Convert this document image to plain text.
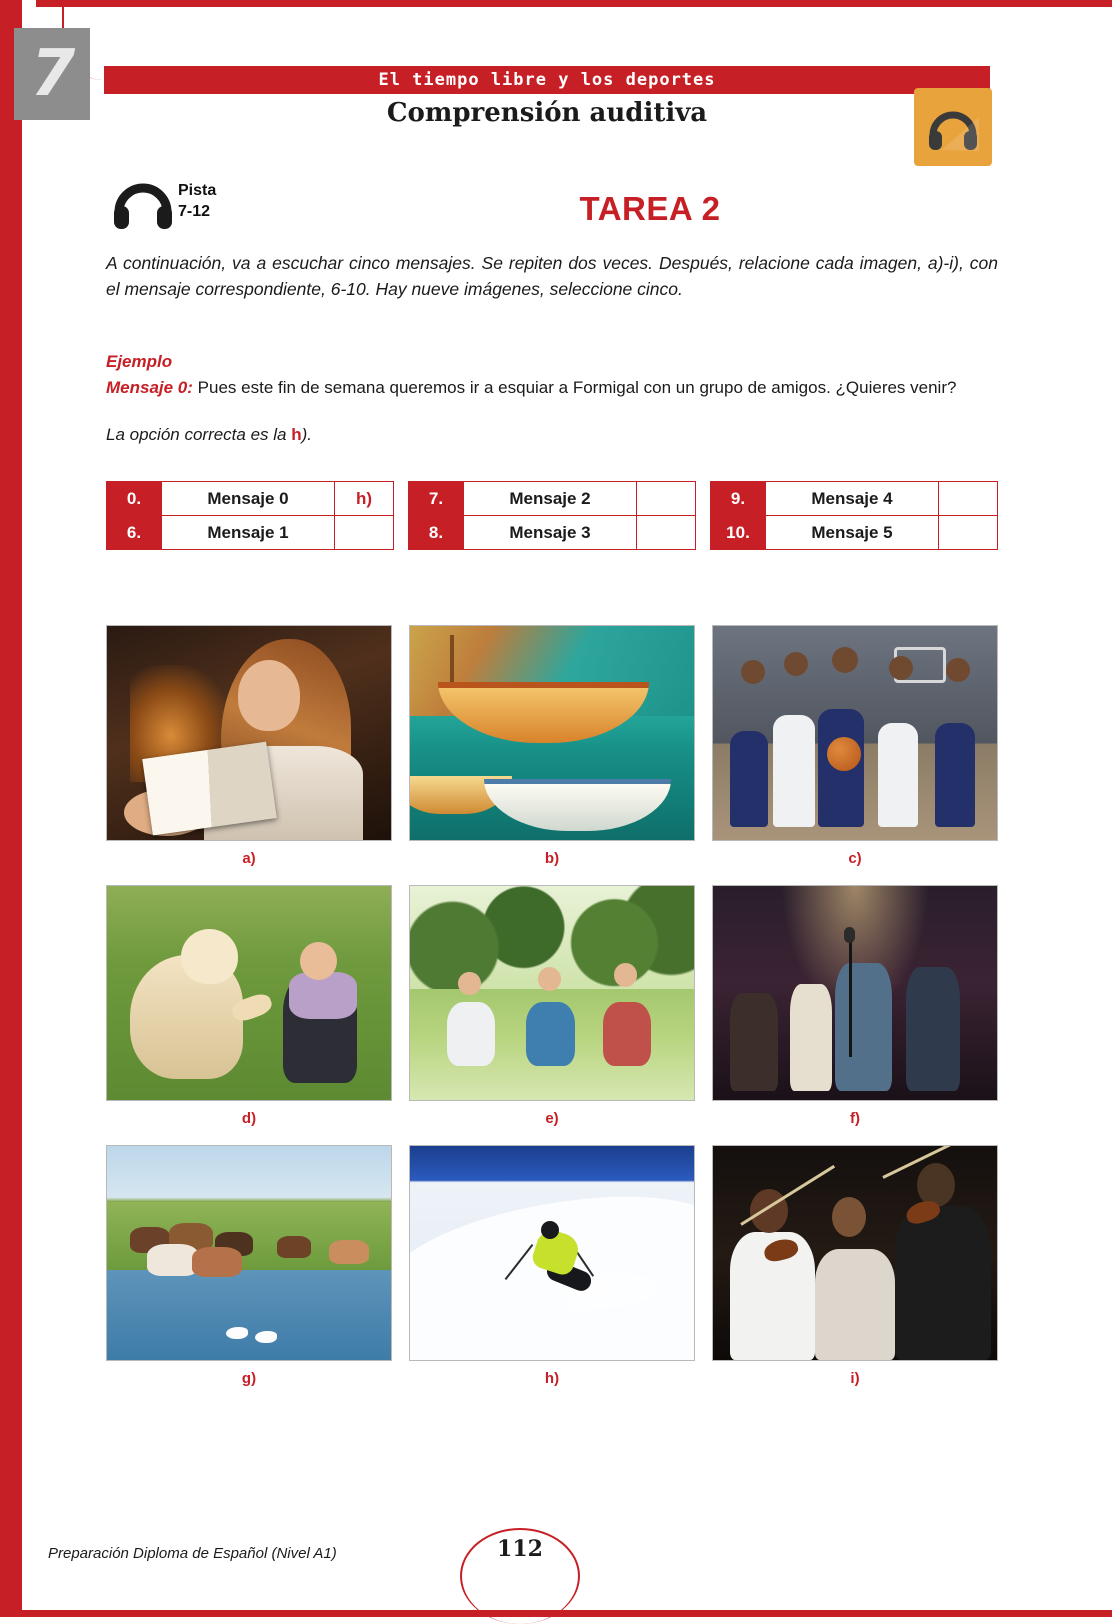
7	El tiempo libre y los deportes
Comprensión auditiva
Pista
7-12	TAREA 2
A continuación, va a escuchar cinco mensajes. Se repiten dos veces. Después, relacione cada imagen, a)-i), con el mensaje correspondiente, 6-10. Hay nueve imágenes, seleccione cinco.
Ejemplo
Mensaje 0: Pues este fin de semana queremos ir a esquiar a Formigal con un grupo de amigos. ¿Quieres venir?
La opción correcta es la h).
0.	Mensaje 0	h)
6.	Mensaje 1	
7.	Mensaje 2	
8.	Mensaje 3	
9.	Mensaje 4	
10.	Mensaje 5	
a)	b)	c)
d)	e)	f)
g)	h)	i)
Preparación Diploma de Español (Nivel A1)	112
